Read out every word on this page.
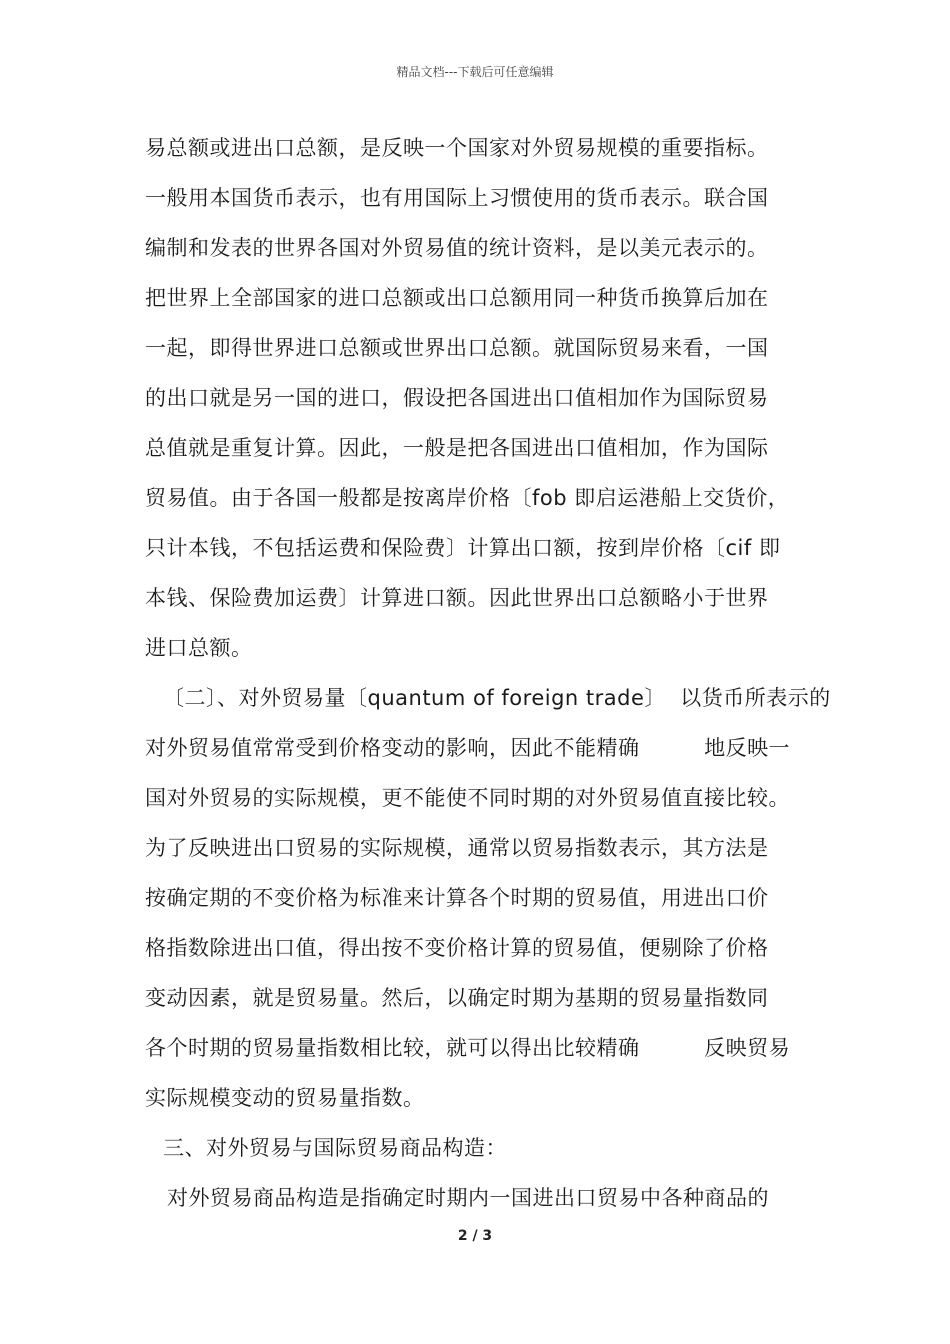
精品文档---下载后可任意编辑
易总额或进出口总额，是反映一个国家对外贸易规模的重要指标。
一般用本国货币表示，也有用国际上习惯使用的货币表示。联合国
编制和发表的世界各国对外贸易值的统计资料，是以美元表示的。
把世界上全部国家的进口总额或出口总额用同一种货币换算后加在
一起，即得世界进口总额或世界出口总额。就国际贸易来看，一国
的出口就是另一国的进口，假设把各国进出口值相加作为国际贸易
总值就是重复计算。因此，一般是把各国进出口值相加，作为国际
贸易值。由于各国一般都是按离岸价格〔fob 即启运港船上交货价，
只计本钱，不包括运费和保险费〕计算出口额，按到岸价格〔cif 即
本钱、保险费加运费〕计算进口额。因此世界出口总额略小于世界
进口总额。
〔二〕、对外贸易量〔quantum of foreign trade〕  以货币所表示的
对外贸易值常常受到价格变动的影响，因此不能精确         地反映一
国对外贸易的实际规模，更不能使不同时期的对外贸易值直接比较。
为了反映进出口贸易的实际规模，通常以贸易指数表示，其方法是
按确定期的不变价格为标准来计算各个时期的贸易值，用进出口价
格指数除进出口值，得出按不变价格计算的贸易值，便剔除了价格
变动因素，就是贸易量。然后，以确定时期为基期的贸易量指数同
各个时期的贸易量指数相比较，就可以得出比较精确         反映贸易
实际规模变动的贸易量指数。
三、对外贸易与国际贸易商品构造：
对外贸易商品构造是指确定时期内一国进出口贸易中各种商品的
2 / 3
